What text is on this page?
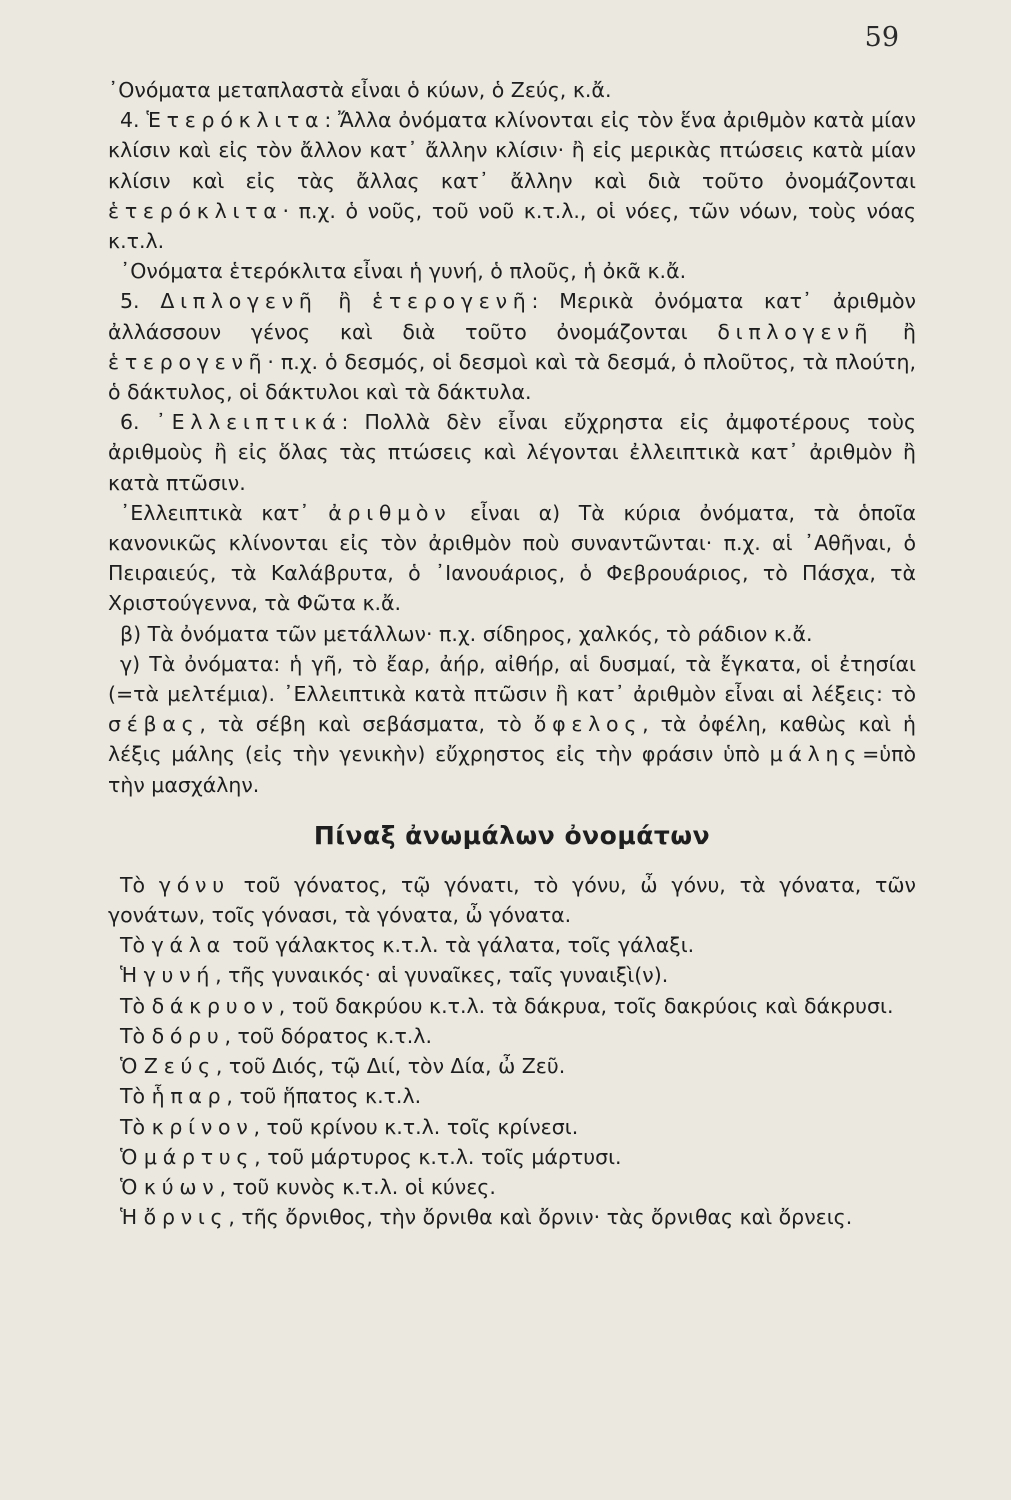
59

᾿Ονόματα μεταπλαστὰ εἶναι ὁ κύων, ὁ Ζεύς, κ.ἄ.

4. Ἑτερόκλιτα: Ἄλλα ὀνόματα κλίνονται εἰς τὸν ἕνα ἀριθμὸν κατὰ μίαν κλίσιν καὶ εἰς τὸν ἄλλον κατ᾿ ἄλλην κλίσιν· ἢ εἰς μερικὰς πτώσεις κατὰ μίαν κλίσιν καὶ εἰς τὰς ἄλλας κατ᾿ ἄλλην καὶ διὰ τοῦτο ὀνομάζονται ἑτερόκλιτα· π.χ. ὁ νοῦς, τοῦ νοῦ κ.τ.λ., οἱ νόες, τῶν νόων, τοὺς νόας κ.τ.λ.

᾿Ονόματα ἑτερόκλιτα εἶναι ἡ γυνή, ὁ πλοῦς, ἡ ὀκᾶ κ.ἄ.

5. Διπλογενῆ ἢ ἑτερογενῆ: Μερικὰ ὀνόματα κατ᾿ ἀριθμὸν ἀλλάσσουν γένος καὶ διὰ τοῦτο ὀνομάζονται διπλογενῆ ἢ ἑτερογενῆ· π.χ. ὁ δεσμός, οἱ δεσμοὶ καὶ τὰ δεσμά, ὁ πλοῦτος, τὰ πλούτη, ὁ δάκτυλος, οἱ δάκτυλοι καὶ τὰ δάκτυλα.

6. ᾿Ελλειπτικά: Πολλὰ δὲν εἶναι εὔχρηστα εἰς ἀμφοτέρους τοὺς ἀριθμοὺς ἢ εἰς ὅλας τὰς πτώσεις καὶ λέγονται ἐλλειπτικὰ κατ᾿ ἀριθμὸν ἢ κατὰ πτῶσιν.

᾿Ελλειπτικὰ κατ᾿ ἀριθμὸν εἶναι α) Τὰ κύρια ὀνόματα, τὰ ὁποῖα κανονικῶς κλίνονται εἰς τὸν ἀριθμὸν ποὺ συναντῶνται· π.χ. αἱ ᾿Αθῆναι, ὁ Πειραιεύς, τὰ Καλάβρυτα, ὁ ᾿Ιανουάριος, ὁ Φεβρουάριος, τὸ Πάσχα, τὰ Χριστούγεννα, τὰ Φῶτα κ.ἄ.

β) Τὰ ὀνόματα τῶν μετάλλων· π.χ. σίδηρος, χαλκός, τὸ ράδιον κ.ἄ.

γ) Τὰ ὀνόματα: ἡ γῆ, τὸ ἔαρ, ἀήρ, αἰθήρ, αἱ δυσμαί, τὰ ἔγκατα, οἱ ἐτησίαι (=τὰ μελτέμια). ᾿Ελλειπτικὰ κατὰ πτῶσιν ἢ κατ᾿ ἀριθμὸν εἶναι αἱ λέξεις: τὸ σέβας, τὰ σέβη καὶ σεβάσματα, τὸ ὄφελος, τὰ ὀφέλη, καθὼς καὶ ἡ λέξις μάλης (εἰς τὴν γενικὴν) εὔχρηστος εἰς τὴν φράσιν ὑπὸ μάλης=ὑπὸ τὴν μασχάλην.

Πίναξ ἀνωμάλων ὀνομάτων

Τὸ γόνυ τοῦ γόνατος, τῷ γόνατι, τὸ γόνυ, ὦ γόνυ, τὰ γόνατα, τῶν γονάτων, τοῖς γόνασι, τὰ γόνατα, ὦ γόνατα.

Τὸ γάλα τοῦ γάλακτος κ.τ.λ. τὰ γάλατα, τοῖς γάλαξι.

Ἡ γυνή, τῆς γυναικός· αἱ γυναῖκες, ταῖς γυναιξὶ(ν).

Τὸ δάκρυον, τοῦ δακρύου κ.τ.λ. τὰ δάκρυα, τοῖς δακρύοις καὶ δάκρυσι.

Τὸ δόρυ, τοῦ δόρατος κ.τ.λ.

Ὁ Ζεύς, τοῦ Διός, τῷ Διί, τὸν Δία, ὦ Ζεῦ.

Τὸ ἧπαρ, τοῦ ἥπατος κ.τ.λ.

Τὸ κρίνον, τοῦ κρίνου κ.τ.λ. τοῖς κρίνεσι.

Ὁ μάρτυς, τοῦ μάρτυρος κ.τ.λ. τοῖς μάρτυσι.

Ὁ κύων, τοῦ κυνὸς κ.τ.λ. οἱ κύνες.

Ἡ ὄρνις, τῆς ὄρνιθος, τὴν ὄρνιθα καὶ ὄρνιν· τὰς ὄρνιθας καὶ ὄρνεις.
